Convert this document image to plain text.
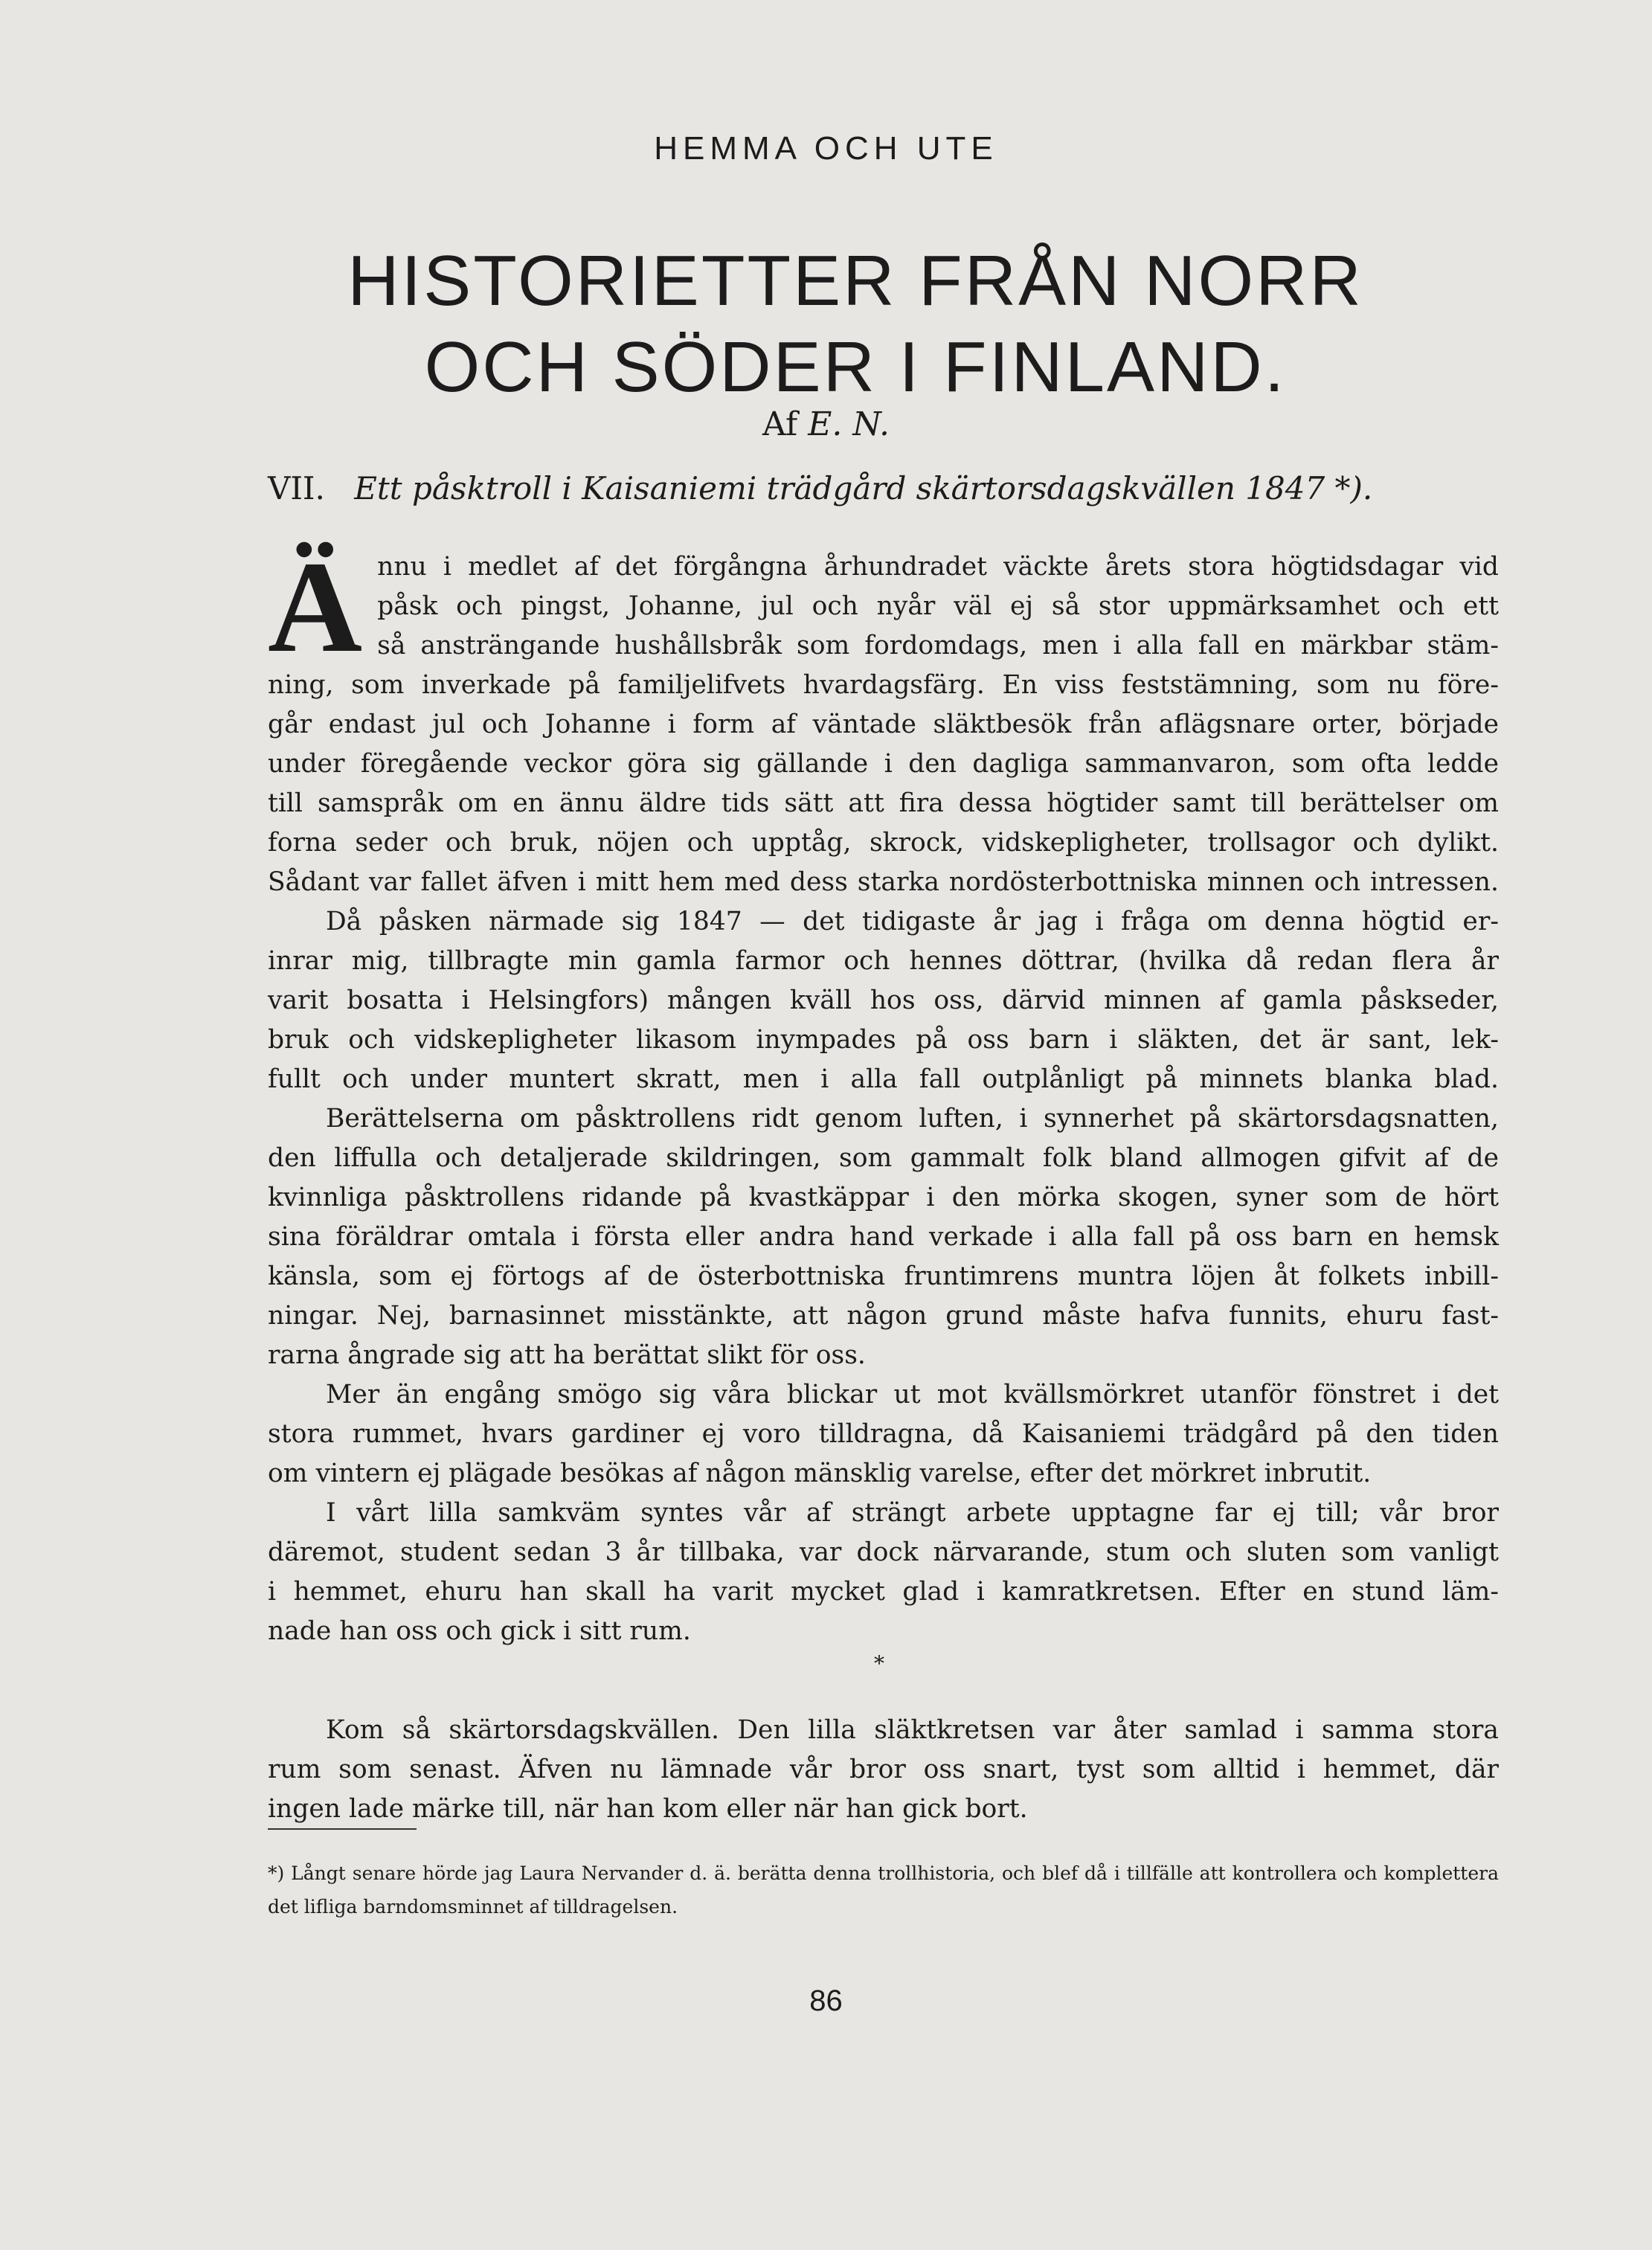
HEMMA OCH UTE
HISTORIETTER FRÅN NORR
OCH SÖDER I FINLAND.
Af E. N.
VII. Ett påsktroll i Kaisaniemi trädgård skärtorsdagskvällen 1847 *).
Ä nnu i medlet af det förgångna århundradet väckte årets stora högtidsdagar vid
påsk och pingst, Johanne, jul och nyår väl ej så stor uppmärksamhet och ett
så ansträngande hushållsbråk som fordomdags, men i alla fall en märkbar stäm-
ning, som inverkade på familjelifvets hvardagsfärg. En viss feststämning, som nu före-
går endast jul och Johanne i form af väntade släktbesök från aflägsnare orter, började
under föregående veckor göra sig gällande i den dagliga sammanvaron, som ofta ledde
till samspråk om en ännu äldre tids sätt att fira dessa högtider samt till berättelser om
forna seder och bruk, nöjen och upptåg, skrock, vidskepligheter, trollsagor och dylikt.
Sådant var fallet äfven i mitt hem med dess starka nordösterbottniska minnen och intressen.
Då påsken närmade sig 1847 — det tidigaste år jag i fråga om denna högtid er-
inrar mig, tillbragte min gamla farmor och hennes döttrar, (hvilka då redan flera år
varit bosatta i Helsingfors) mången kväll hos oss, därvid minnen af gamla påskseder,
bruk och vidskepligheter likasom inympades på oss barn i släkten, det är sant, lek-
fullt och under muntert skratt, men i alla fall outplånligt på minnets blanka blad.
Berättelserna om påsktrollens ridt genom luften, i synnerhet på skärtorsdagsnatten,
den liffulla och detaljerade skildringen, som gammalt folk bland allmogen gifvit af de
kvinnliga påsktrollens ridande på kvastkäppar i den mörka skogen, syner som de hört
sina föräldrar omtala i första eller andra hand verkade i alla fall på oss barn en hemsk
känsla, som ej förtogs af de österbottniska fruntimrens muntra löjen åt folkets inbill-
ningar. Nej, barnasinnet misstänkte, att någon grund måste hafva funnits, ehuru fast-
rarna ångrade sig att ha berättat slikt för oss.
Mer än engång smögo sig våra blickar ut mot kvällsmörkret utanför fönstret i det
stora rummet, hvars gardiner ej voro tilldragna, då Kaisaniemi trädgård på den tiden
om vintern ej plägade besökas af någon mänsklig varelse, efter det mörkret inbrutit.
I vårt lilla samkväm syntes vår af strängt arbete upptagne far ej till; vår bror
däremot, student sedan 3 år tillbaka, var dock närvarande, stum och sluten som vanligt
i hemmet, ehuru han skall ha varit mycket glad i kamratkretsen. Efter en stund läm-
nade han oss och gick i sitt rum.
*
Kom så skärtorsdagskvällen. Den lilla släktkretsen var åter samlad i samma stora
rum som senast. Äfven nu lämnade vår bror oss snart, tyst som alltid i hemmet, där
ingen lade märke till, när han kom eller när han gick bort.
*) Långt senare hörde jag Laura Nervander d. ä. berätta denna trollhistoria, och blef då i tillfälle att kontrollera och komplettera det lifliga barndomsminnet af tilldragelsen.
86
